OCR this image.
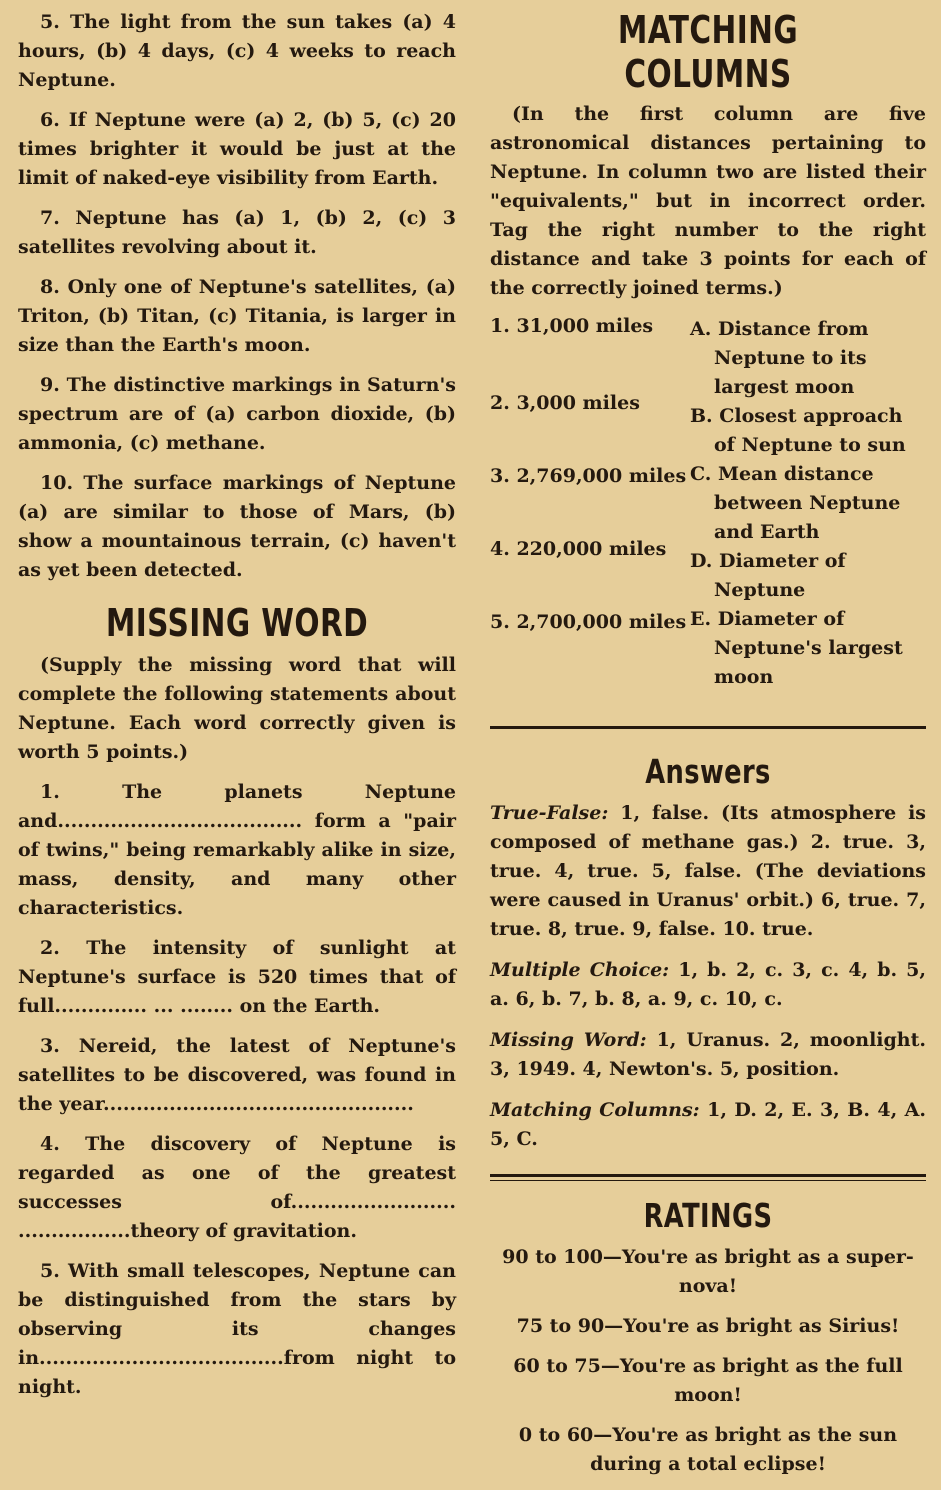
5. The light from the sun takes (a) 4 hours, (b) 4 days, (c) 4 weeks to reach Neptune.

6. If Neptune were (a) 2, (b) 5, (c) 20 times brighter it would be just at the limit of naked-eye visibility from Earth.

7. Neptune has (a) 1, (b) 2, (c) 3 satellites revolving about it.

8. Only one of Neptune's satellites, (a) Triton, (b) Titan, (c) Titania, is larger in size than the Earth's moon.

9. The distinctive markings in Saturn's spectrum are of (a) carbon dioxide, (b) ammonia, (c) methane.

10. The surface markings of Neptune (a) are similar to those of Mars, (b) show a mountainous terrain, (c) haven't as yet been detected.

MISSING WORD

(Supply the missing word that will complete the following statements about Neptune. Each word correctly given is worth 5 points.)

1. The planets Neptune and..................................... form a "pair of twins," being remarkably alike in size, mass, density, and many other characteristics.

2. The intensity of sunlight at Neptune's surface is 520 times that of full.............. ... ........ on the Earth.

3. Nereid, the latest of Neptune's satellites to be discovered, was found in the year...............................................

4. The discovery of Neptune is regarded as one of the greatest successes of......................... .................theory of gravitation.

5. With small telescopes, Neptune can be distinguished from the stars by observing its changes in.....................................from night to night.

MATCHING COLUMNS

(In the first column are five astronomical distances pertaining to Neptune. In column two are listed their "equivalents," but in incorrect order. Tag the right number to the right distance and take 3 points for each of the correctly joined terms.)

1. 31,000 miles
2. 3,000 miles
3. 2,769,000 miles
4. 220,000 miles
5. 2,700,000 miles
A. Distance from Neptune to its largest moon
B. Closest approach of Neptune to sun
C. Mean distance between Neptune and Earth
D. Diameter of Neptune
E. Diameter of Neptune's largest moon
Answers

True-False: 1, false. (Its atmosphere is composed of methane gas.) 2. true. 3, true. 4, true. 5, false. (The deviations were caused in Uranus' orbit.) 6, true. 7, true. 8, true. 9, false. 10. true.

Multiple Choice: 1, b. 2, c. 3, c. 4, b. 5, a. 6, b. 7, b. 8, a. 9, c. 10, c.

Missing Word: 1, Uranus. 2, moonlight. 3, 1949. 4, Newton's. 5, position.

Matching Columns: 1, D. 2, E. 3, B. 4, A. 5, C.

RATINGS

90 to 100—You're as bright as a super-nova!

75 to 90—You're as bright as Sirius!

60 to 75—You're as bright as the full moon!

0 to 60—You're as bright as the sun during a total eclipse!
